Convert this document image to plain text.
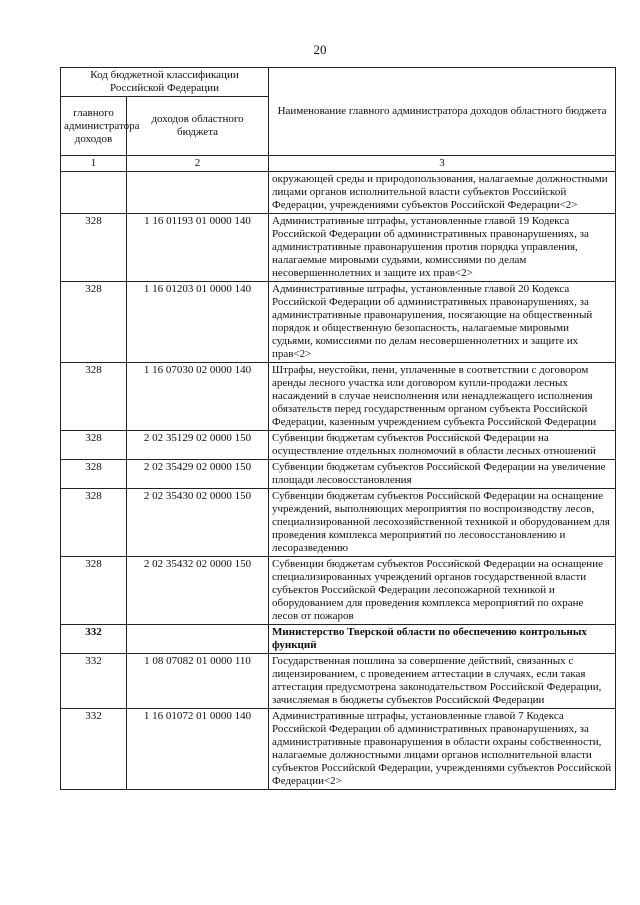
20
Код бюджетной классификации Российской Федерации		Наименование главного администратора доходов областного бюджета
главного администратора доходов	доходов областного бюджета	
1	2	3
		окружающей среды и природопользования, налагаемые должностными лицами органов исполнительной власти субъектов Российской Федерации, учреждениями субъектов Российской Федерации<2>
328	1 16 01193 01 0000 140	Административные штрафы, установленные главой 19 Кодекса Российской Федерации об административных правонарушениях, за административные правонарушения против порядка управления, налагаемые мировыми судьями, комиссиями по делам несовершеннолетних и защите их прав<2>
328	1 16 01203 01 0000 140	Административные штрафы, установленные главой 20 Кодекса Российской Федерации об административных правонарушениях, за административные правонарушения, посягающие на общественный порядок и общественную безопасность, налагаемые мировыми судьями, комиссиями по делам несовершеннолетних и защите их прав<2>
328	1 16 07030 02 0000 140	Штрафы, неустойки, пени, уплаченные в соответствии с договором аренды лесного участка или договором купли-продажи лесных насаждений в случае неисполнения или ненадлежащего исполнения обязательств перед государственным органом субъекта Российской Федерации, казенным учреждением субъекта Российской Федерации
328	2 02 35129 02 0000 150	Субвенции бюджетам субъектов Российской Федерации на осуществление отдельных полномочий в области лесных отношений
328	2 02 35429 02 0000 150	Субвенции бюджетам субъектов Российской Федерации на увеличение площади лесовосстановления
328	2 02 35430 02 0000 150	Субвенции бюджетам субъектов Российской Федерации на оснащение учреждений, выполняющих мероприятия по воспроизводству лесов, специализированной лесохозяйственной техникой и оборудованием для проведения комплекса мероприятий по лесовосстановлению и лесоразведению
328	2 02 35432 02 0000 150	Субвенции бюджетам субъектов Российской Федерации на оснащение специализированных учреждений органов государственной власти субъектов Российской Федерации лесопожарной техникой и оборудованием для проведения комплекса мероприятий по охране лесов от пожаров
332		Министерство Тверской области по обеспечению контрольных функций
332	1 08 07082 01 0000 110	Государственная пошлина за совершение действий, связанных с лицензированием, с проведением аттестации в случаях, если такая аттестация предусмотрена законодательством Российской Федерации, зачисляемая в бюджеты субъектов Российской Федерации
332	1 16 01072 01 0000 140	Административные штрафы, установленные главой 7 Кодекса Российской Федерации об административных правонарушениях, за административные правонарушения в области охраны собственности, налагаемые должностными лицами органов исполнительной власти субъектов Российской Федерации, учреждениями субъектов Российской Федерации<2>
